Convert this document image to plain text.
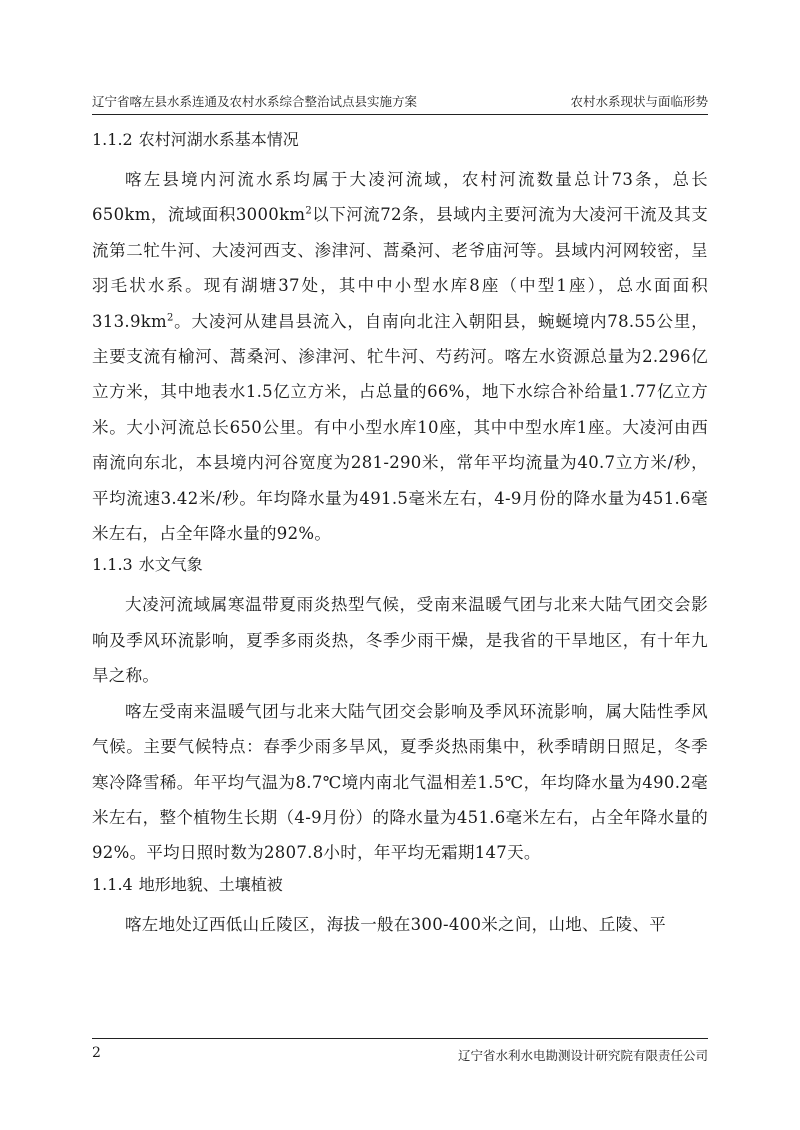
辽宁省喀左县水系连通及农村水系综合整治试点县实施方案	农村水系现状与面临形势
1.1.2 农村河湖水系基本情况

喀左县境内河流水系均属于大凌河流域，农村河流数量总计73条，总长650km，流域面积$3000km^2$以下河流72条，县域内主要河流为大凌河干流及其支流第二牤牛河、大凌河西支、渗津河、蒿桑河、老爷庙河等。县域内河网较密，呈羽毛状水系。现有湖塘37处，其中中小型水库8座（中型1座），总水面面积$313.9km^2$。大凌河从建昌县流入，自南向北注入朝阳县，蜿蜒境内78.55公里，主要支流有榆河、蒿桑河、渗津河、牤牛河、芍药河。喀左水资源总量为2.296亿立方米，其中地表水1.5亿立方米，占总量的66%，地下水综合补给量1.77亿立方米。大小河流总长650公里。有中小型水库10座，其中中型水库1座。大凌河由西南流向东北，本县境内河谷宽度为281-290米，常年平均流量为40.7立方米/秒，平均流速3.42米/秒。年均降水量为491.5毫米左右，4-9月份的降水量为451.6毫米左右，占全年降水量的92%。

1.1.3 水文气象

大凌河流域属寒温带夏雨炎热型气候，受南来温暖气团与北来大陆气团交会影响及季风环流影响，夏季多雨炎热，冬季少雨干燥，是我省的干旱地区，有十年九旱之称。

喀左受南来温暖气团与北来大陆气团交会影响及季风环流影响，属大陆性季风气候。主要气候特点：春季少雨多旱风，夏季炎热雨集中，秋季晴朗日照足，冬季寒冷降雪稀。年平均气温为8.7℃境内南北气温相差1.5℃，年均降水量为490.2毫米左右，整个植物生长期（4-9月份）的降水量为451.6毫米左右，占全年降水量的92%。平均日照时数为2807.8小时，年平均无霜期147天。

1.1.4 地形地貌、土壤植被

喀左地处辽西低山丘陵区，海拔一般在300-400米之间，山地、丘陵、平

2	辽宁省水利水电勘测设计研究院有限责任公司
